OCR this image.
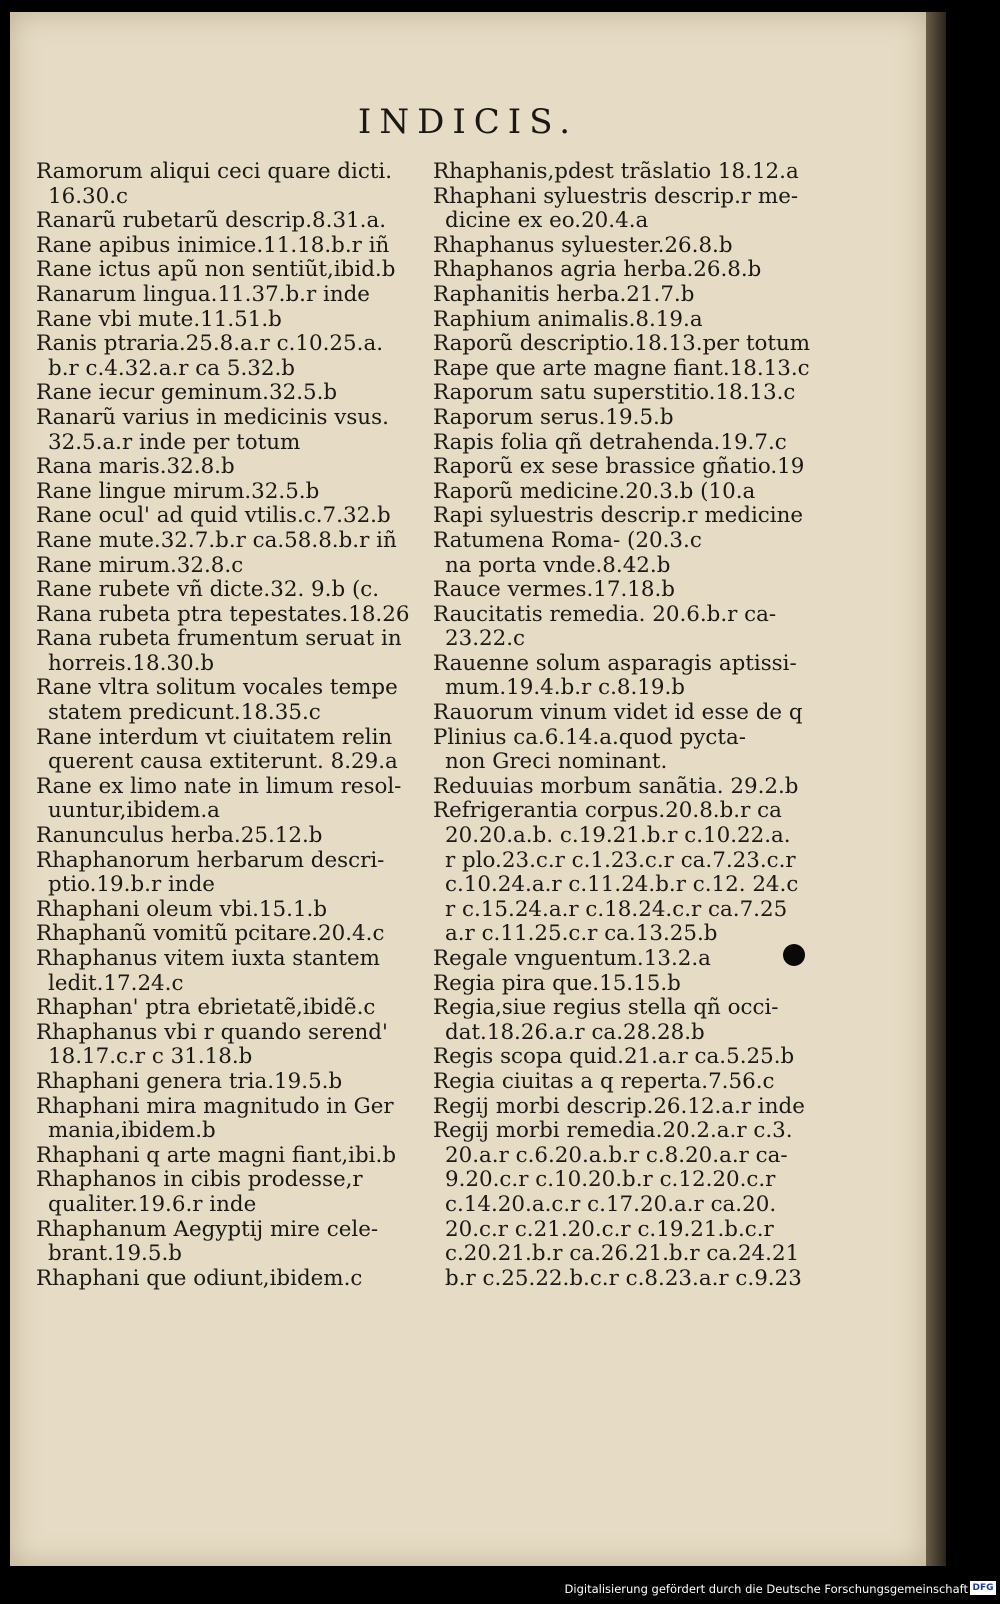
INDICIS.
Ramorum aliqui ceci quare dicti.
16.30.c
Ranarũ rubetarũ descrip.8.31.a.
Rane apibus inimice.11.18.b.r iñ
Rane ictus apũ non sentiũt,ibid.b
Ranarum lingua.11.37.b.r inde
Rane vbi mute.11.51.b
Ranis ptraria.25.8.a.r c.10.25.a.
b.r c.4.32.a.r ca 5.32.b
Rane iecur geminum.32.5.b
Ranarũ varius in medicinis vsus.
32.5.a.r inde per totum
Rana maris.32.8.b
Rane lingue mirum.32.5.b
Rane ocul' ad quid vtilis.c.7.32.b
Rane mute.32.7.b.r ca.58.8.b.r iñ
Rane mirum.32.8.c
Rane rubete vñ dicte.32. 9.b (c.
Rana rubeta ptra tepestates.18.26
Rana rubeta frumentum seruat in
horreis.18.30.b
Rane vltra solitum vocales tempe
statem predicunt.18.35.c
Rane interdum vt ciuitatem relin
querent causa extiterunt. 8.29.a
Rane ex limo nate in limum resol-
uuntur,ibidem.a
Ranunculus herba.25.12.b
Rhaphanorum herbarum descri-
ptio.19.b.r inde
Rhaphani oleum vbi.15.1.b
Rhaphanũ vomitũ pcitare.20.4.c
Rhaphanus vitem iuxta stantem
ledit.17.24.c
Rhaphan' ptra ebrietatẽ,ibidẽ.c
Rhaphanus vbi r quando serend'
18.17.c.r c 31.18.b
Rhaphani genera tria.19.5.b
Rhaphani mira magnitudo in Ger
mania,ibidem.b
Rhaphani q arte magni fiant,ibi.b
Rhaphanos in cibis prodesse,r
qualiter.19.6.r inde
Rhaphanum Aegyptij mire cele-
brant.19.5.b
Rhaphani que odiunt,ibidem.c
Rhaphanis,pdest trãslatio 18.12.a
Rhaphani syluestris descrip.r me-
dicine ex eo.20.4.a
Rhaphanus syluester.26.8.b
Rhaphanos agria herba.26.8.b
Raphanitis herba.21.7.b
Raphium animalis.8.19.a
Raporũ descriptio.18.13.per totum
Rape que arte magne fiant.18.13.c
Raporum satu superstitio.18.13.c
Raporum serus.19.5.b
Rapis folia qñ detrahenda.19.7.c
Raporũ ex sese brassice gñatio.19
Raporũ medicine.20.3.b (10.a
Rapi syluestris descrip.r medicine
Ratumena Roma- (20.3.c
na porta vnde.8.42.b
Rauce vermes.17.18.b
Raucitatis remedia. 20.6.b.r ca-
23.22.c
Rauenne solum asparagis aptissi-
mum.19.4.b.r c.8.19.b
Rauorum vinum videt id esse de q
Plinius ca.6.14.a.quod pycta-
non Greci nominant.
Reduuias morbum sanãtia. 29.2.b
Refrigerantia corpus.20.8.b.r ca
20.20.a.b. c.19.21.b.r c.10.22.a.
r plo.23.c.r c.1.23.c.r ca.7.23.c.r
c.10.24.a.r c.11.24.b.r c.12. 24.c
r c.15.24.a.r c.18.24.c.r ca.7.25
a.r c.11.25.c.r ca.13.25.b
Regale vnguentum.13.2.a
Regia pira que.15.15.b
Regia,siue regius stella qñ occi-
dat.18.26.a.r ca.28.28.b
Regis scopa quid.21.a.r ca.5.25.b
Regia ciuitas a q reperta.7.56.c
Regij morbi descrip.26.12.a.r inde
Regij morbi remedia.20.2.a.r c.3.
20.a.r c.6.20.a.b.r c.8.20.a.r ca-
9.20.c.r c.10.20.b.r c.12.20.c.r
c.14.20.a.c.r c.17.20.a.r ca.20.
20.c.r c.21.20.c.r c.19.21.b.c.r
c.20.21.b.r ca.26.21.b.r ca.24.21
b.r c.25.22.b.c.r c.8.23.a.r c.9.23
Digitalisierung gefördert durch die Deutsche Forschungsgemeinschaft DFG
